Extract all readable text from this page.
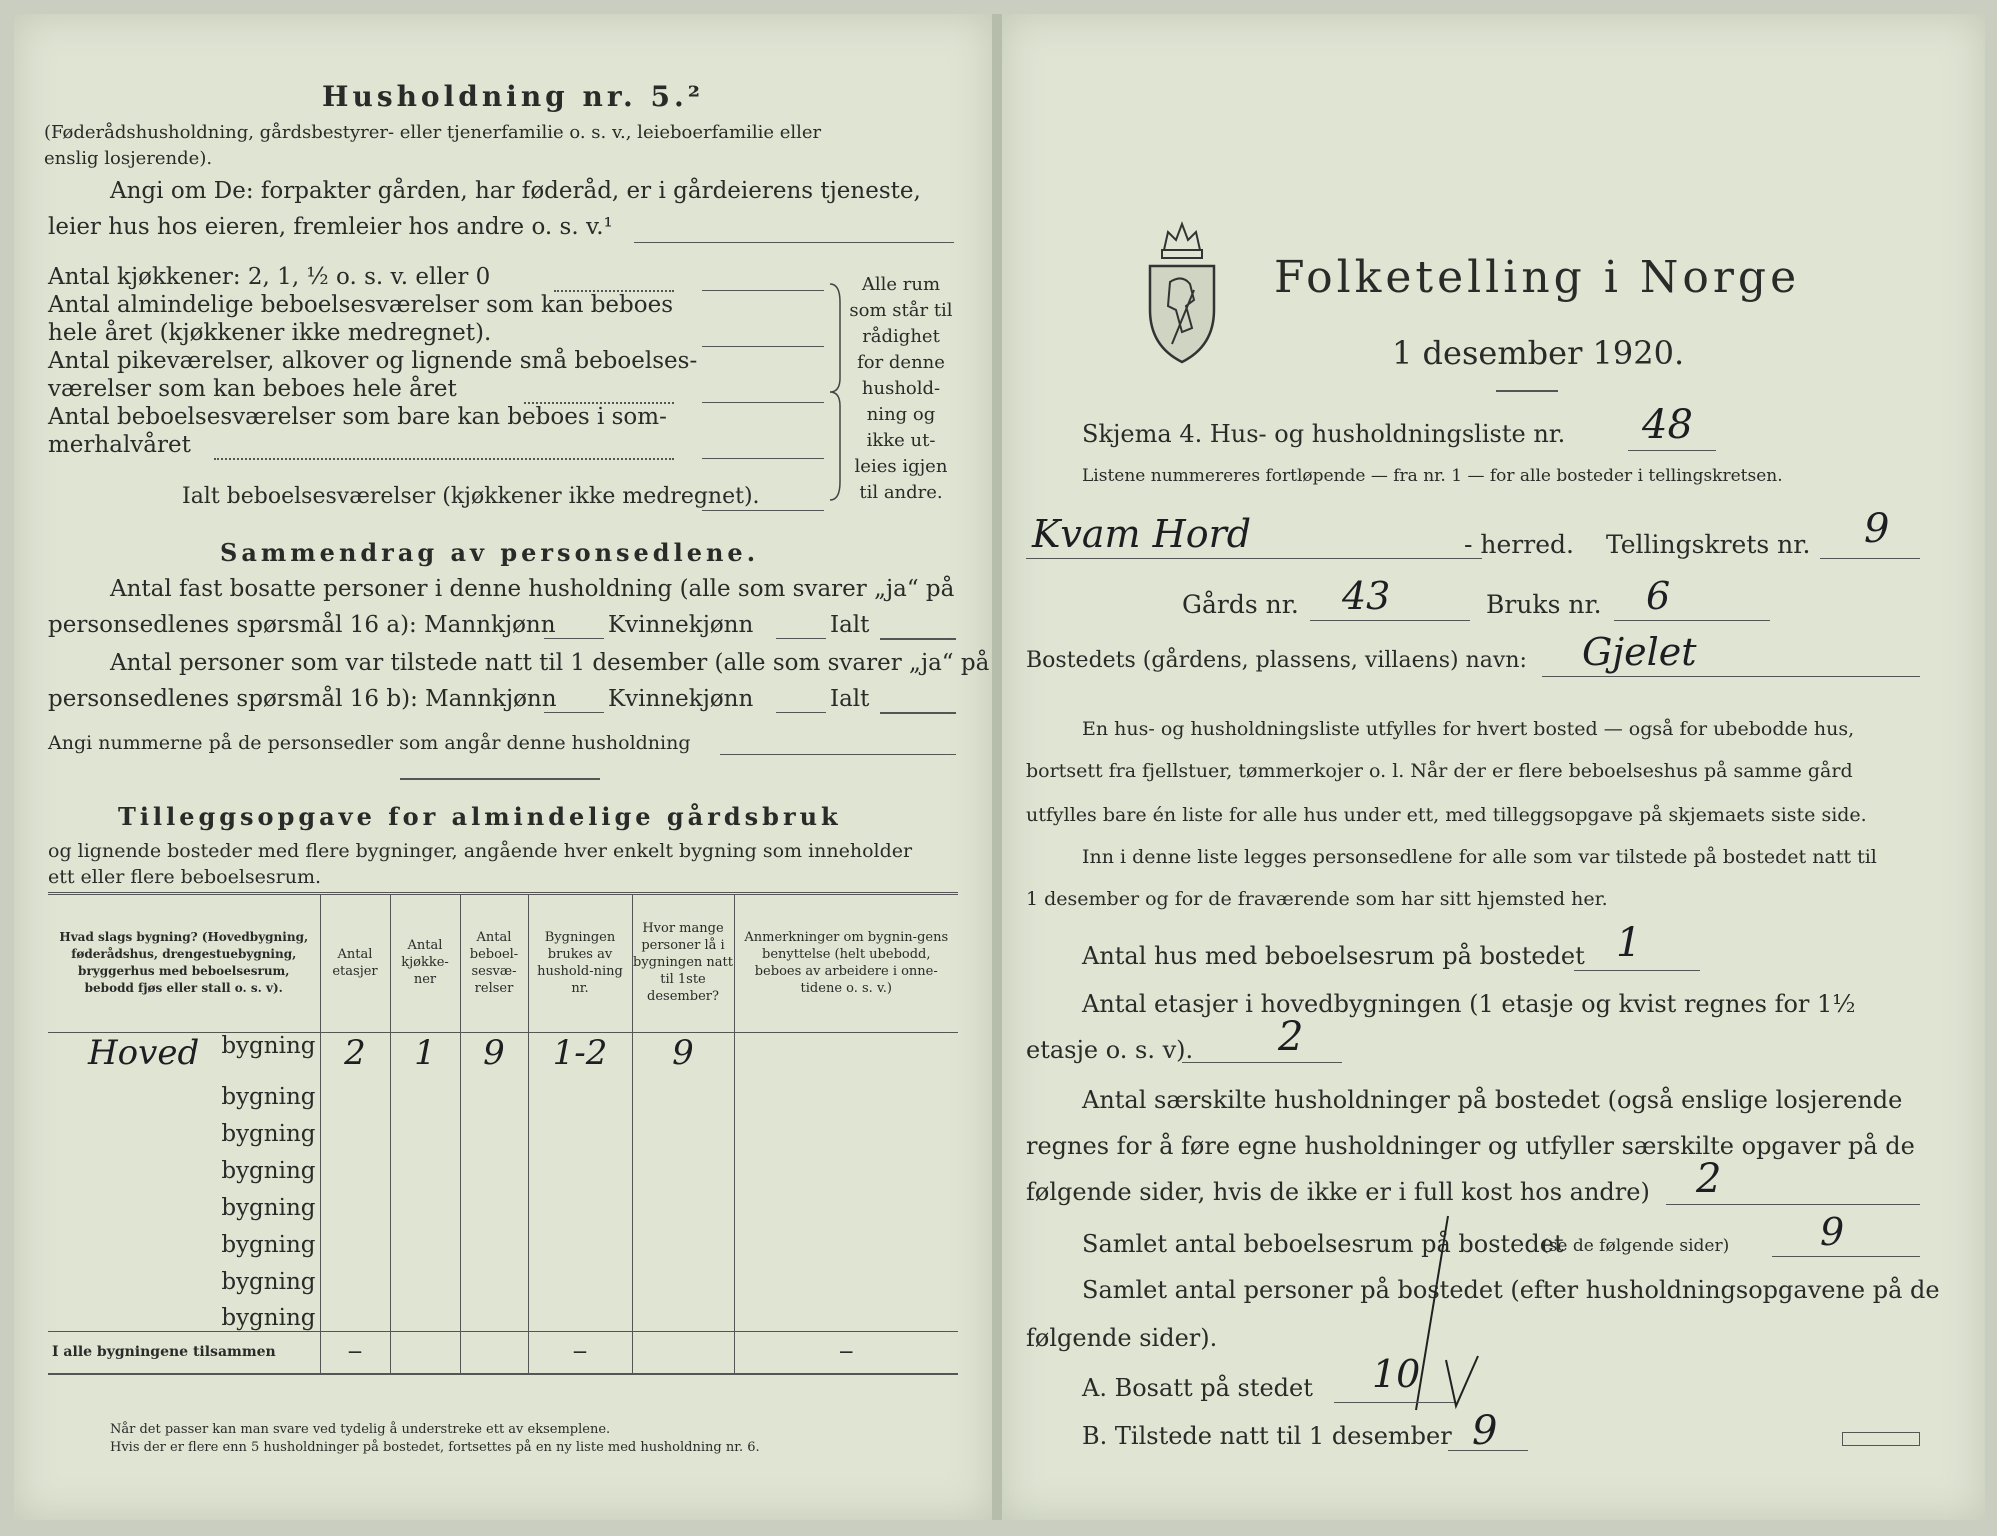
Husholdning nr. 5.²
(Føderådshusholdning, gårdsbestyrer- eller tjenerfamilie o. s. v., leieboerfamilie eller
enslig losjerende).
Angi om De: forpakter gården, har føderåd, er i gårdeierens tjeneste,
leier hus hos eieren, fremleier hos andre o. s. v.¹
Antal kjøkkener: 2, 1, ½ o. s. v. eller 0
Antal almindelige beboelsesværelser som kan beboes
hele året (kjøkkener ikke medregnet).
Antal pikeværelser, alkover og lignende små beboelses-
værelser som kan beboes hele året
Antal beboelsesværelser som bare kan beboes i som-
merhalvåret
Ialt beboelsesværelser (kjøkkener ikke medregnet).
Alle rum
som står til
rådighet
for denne
hushold-
ning og
ikke ut-
leies igjen
til andre.
Sammendrag av personsedlene.
Antal fast bosatte personer i denne husholdning (alle som svarer „ja“ på
personsedlenes spørsmål 16 a): Mannkjønn Kvinnekjønn	Ialt
Antal personer som var tilstede natt til 1 desember (alle som svarer „ja“ på
personsedlenes spørsmål 16 b): Mannkjønn Kvinnekjønn	Ialt
Angi nummerne på de personsedler som angår denne husholdning
Tilleggsopgave for almindelige gårdsbruk
og lignende bosteder med flere bygninger, angående hver enkelt bygning som inneholder
ett eller flere beboelsesrum.
Hvad slags bygning? (Hovedbygning, føderådshus, drengestuebygning, bryggerhus med beboelsesrum, bebodd fjøs eller stall o. s. v).	Antal etasjer	Antal kjøkke-ner	Antal beboel-sesvæ-relser	Bygningen brukes av hushold-ning nr.	Hvor mange personer lå i bygningen natt til 1ste desember?	Anmerkninger om bygnin-gens benyttelse (helt ubebodd, beboes av arbeidere i onne-tidene o. s. v.)

Hoved bygning	2	1	9	1-2	9	

bygning						

bygning						

bygning						

bygning						

bygning						

bygning						

bygning						
I alle bygningene tilsammen	—			—		—
Når det passer kan man svare ved tydelig å understreke ett av eksemplene.
Hvis der er flere enn 5 husholdninger på bostedet, fortsettes på en ny liste med husholdning nr. 6.
Folketelling i Norge
1 desember 1920.
Skjema 4. Hus- og husholdningsliste nr. 48
Listene nummereres fortløpende — fra nr. 1 — for alle bosteder i tellingskretsen.
Kvam Hord	- herred. Tellingskrets nr. 9
Gårds nr. 43	Bruks nr. 6
Bostedets (gårdens, plassens, villaens) navn: Gjelet
En hus- og husholdningsliste utfylles for hvert bosted — også for ubebodde hus,
bortsett fra fjellstuer, tømmerkojer o. l. Når der er flere beboelseshus på samme gård
utfylles bare én liste for alle hus under ett, med tilleggsopgave på skjemaets siste side.
Inn i denne liste legges personsedlene for alle som var tilstede på bostedet natt til
1 desember og for de fraværende som har sitt hjemsted her.
Antal hus med beboelsesrum på bostedet 1
Antal etasjer i hovedbygningen (1 etasje og kvist regnes for 1½
etasje o. s. v). 2
Antal særskilte husholdninger på bostedet (også enslige losjerende
regnes for å føre egne husholdninger og utfyller særskilte opgaver på de
følgende sider, hvis de ikke er i full kost hos andre) 2
Samlet antal beboelsesrum på bostedet
(se de følgende sider) 9
Samlet antal personer på bostedet (efter husholdningsopgavene på de
følgende sider).
A. Bosatt på stedet 10
B. Tilstede natt til 1 desember 9
